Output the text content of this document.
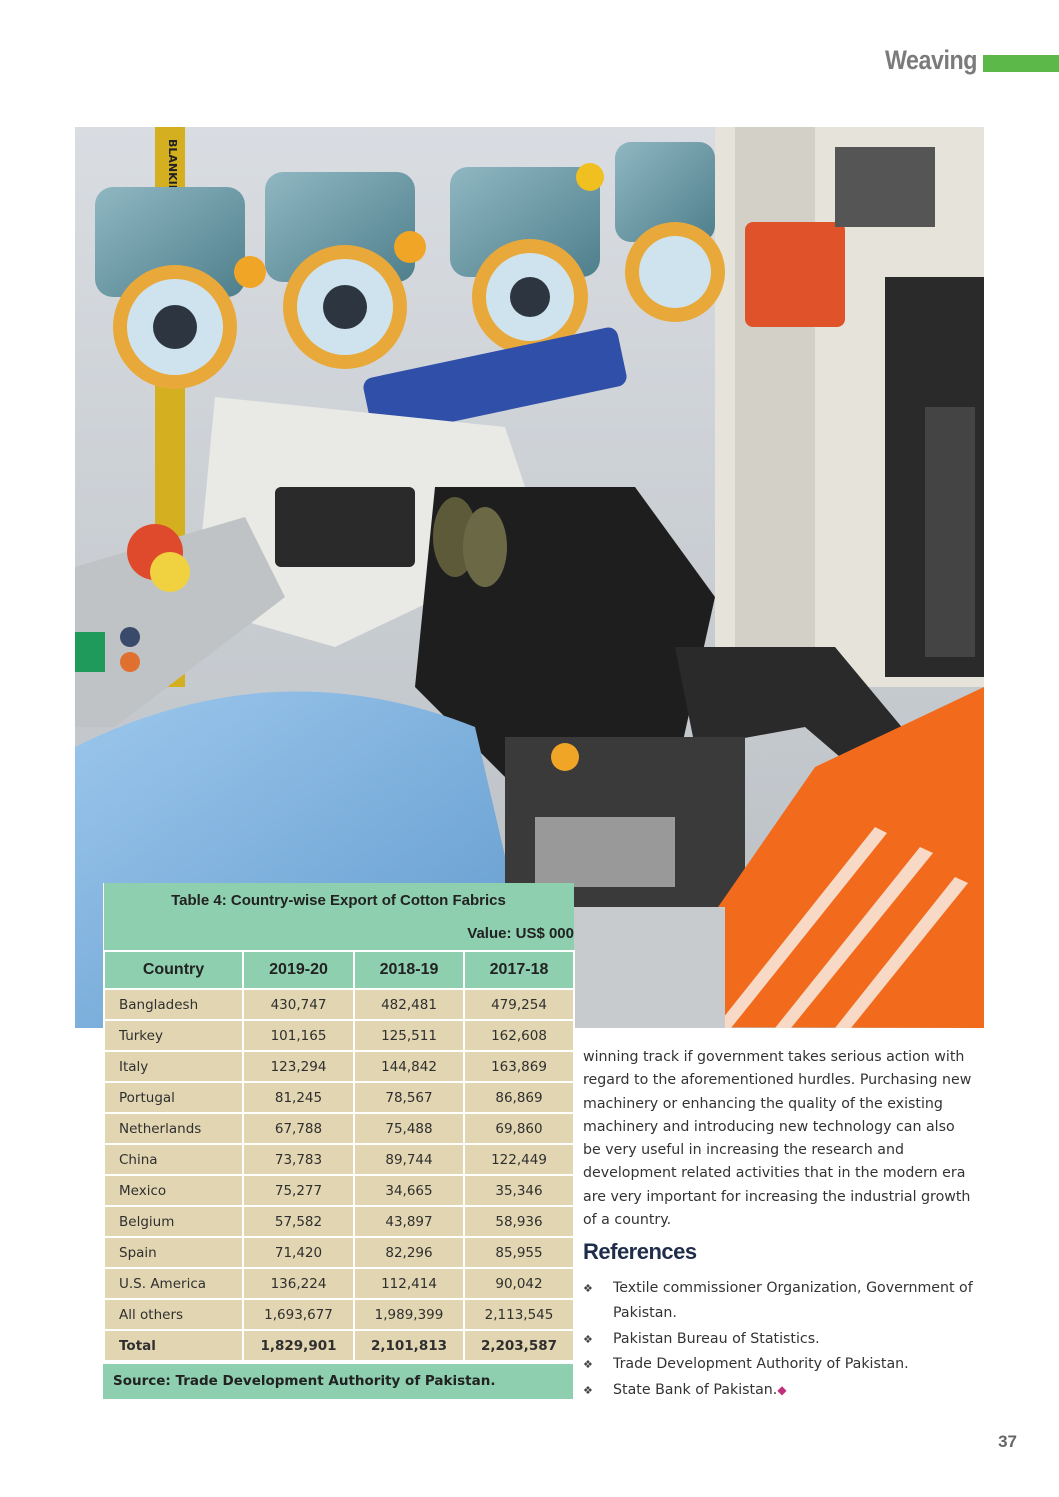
Weaving
Table 4: Country-wise Export of Cotton Fabrics			
Value: US$ 000			
Country	2019-20	2018-19	2017-18
Bangladesh	430,747	482,481	479,254
Turkey	101,165	125,511	162,608
Italy	123,294	144,842	163,869
Portugal	81,245	78,567	86,869
Netherlands	67,788	75,488	69,860
China	73,783	89,744	122,449
Mexico	75,277	34,665	35,346
Belgium	57,582	43,897	58,936
Spain	71,420	82,296	85,955
U.S. America	136,224	112,414	90,042
All others	1,693,677	1,989,399	2,113,545
Total	1,829,901	2,101,813	2,203,587
Source: Trade Development Authority of Pakistan.
winning track if government takes serious action with regard to the aforementioned hurdles. Purchasing new machinery or enhancing the quality of the existing machinery and introducing new technology can also be very useful in increasing the research and development related activities that in the modern era are very important for increasing the industrial growth of a country.
References
❖	Textile commissioner Organization, Government of Pakistan.
❖	Pakistan Bureau of Statistics.
❖	Trade Development Authority of Pakistan.
❖	State Bank of Pakistan.◆
37
